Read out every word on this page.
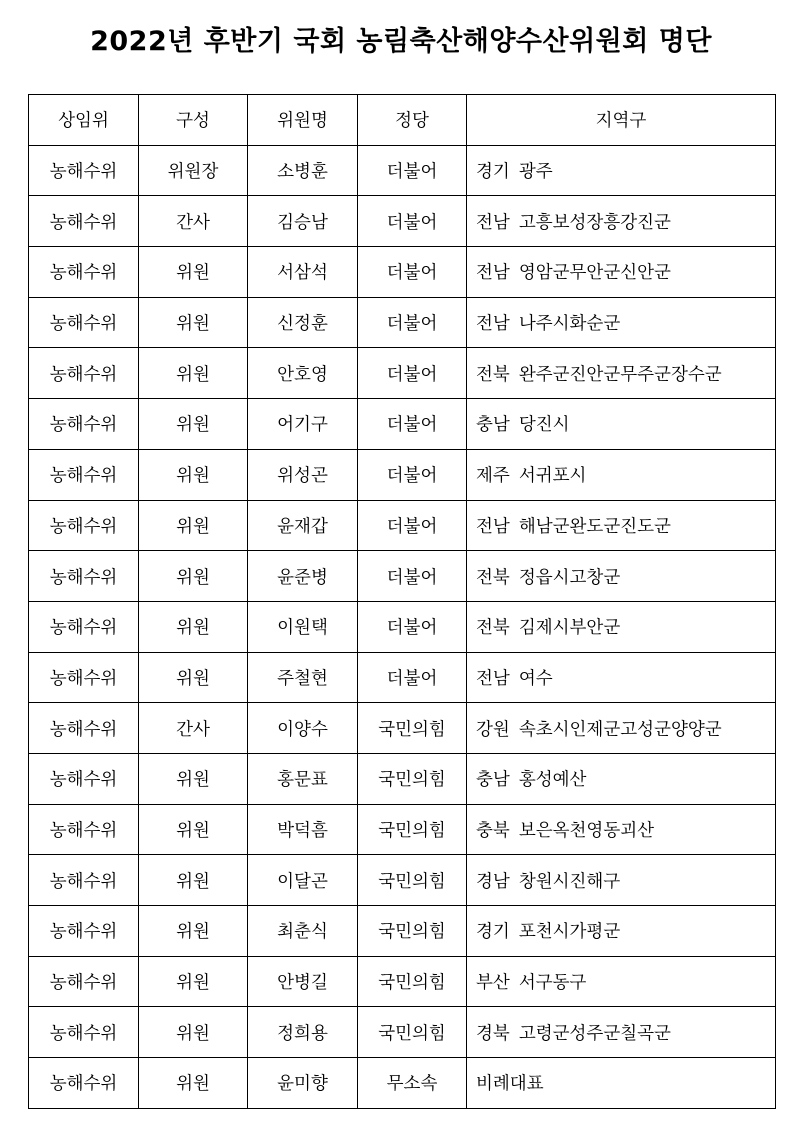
2022년 후반기 국회 농림축산해양수산위원회 명단
상임위	구성	위원명	정당	지역구
농해수위	위원장	소병훈	더불어	경기 광주
농해수위	간사	김승남	더불어	전남 고흥보성장흥강진군
농해수위	위원	서삼석	더불어	전남 영암군무안군신안군
농해수위	위원	신정훈	더불어	전남 나주시화순군
농해수위	위원	안호영	더불어	전북 완주군진안군무주군장수군
농해수위	위원	어기구	더불어	충남 당진시
농해수위	위원	위성곤	더불어	제주 서귀포시
농해수위	위원	윤재갑	더불어	전남 해남군완도군진도군
농해수위	위원	윤준병	더불어	전북 정읍시고창군
농해수위	위원	이원택	더불어	전북 김제시부안군
농해수위	위원	주철현	더불어	전남 여수
농해수위	간사	이양수	국민의힘	강원 속초시인제군고성군양양군
농해수위	위원	홍문표	국민의힘	충남 홍성예산
농해수위	위원	박덕흠	국민의힘	충북 보은옥천영동괴산
농해수위	위원	이달곤	국민의힘	경남 창원시진해구
농해수위	위원	최춘식	국민의힘	경기 포천시가평군
농해수위	위원	안병길	국민의힘	부산 서구동구
농해수위	위원	정희용	국민의힘	경북 고령군성주군칠곡군
농해수위	위원	윤미향	무소속	비례대표
